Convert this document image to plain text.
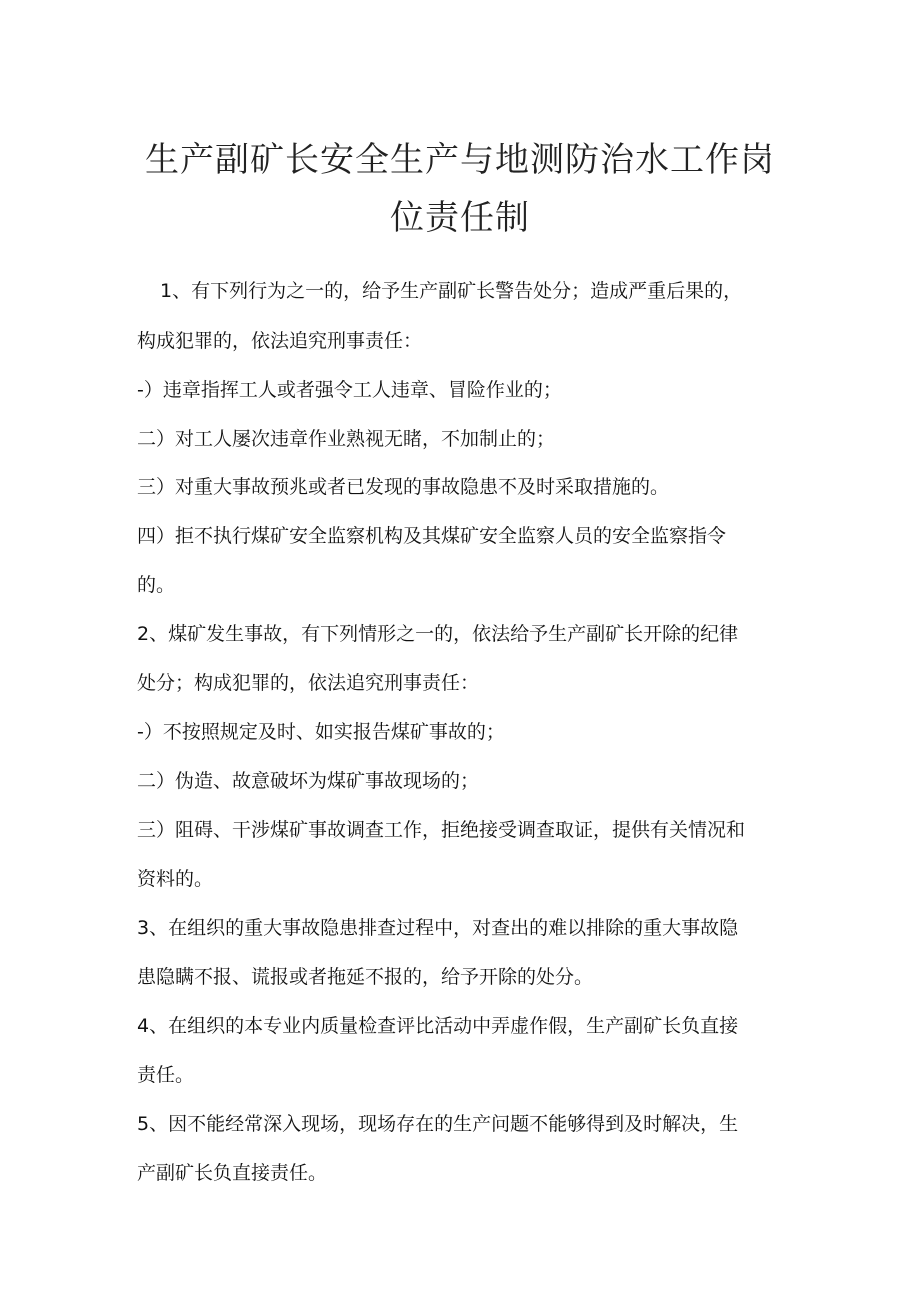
生产副矿长安全生产与地测防治水工作岗
位责任制

1、有下列行为之一的，给予生产副矿长警告处分；造成严重后果的，

构成犯罪的，依法追究刑事责任：

-）违章指挥工人或者强令工人违章、冒险作业的；

二）对工人屡次违章作业熟视无睹，不加制止的；

三）对重大事故预兆或者已发现的事故隐患不及时采取措施的。

四）拒不执行煤矿安全监察机构及其煤矿安全监察人员的安全监察指令

的。

2、煤矿发生事故，有下列情形之一的，依法给予生产副矿长开除的纪律

处分；构成犯罪的，依法追究刑事责任：

-）不按照规定及时、如实报告煤矿事故的；

二）伪造、故意破坏为煤矿事故现场的；

三）阻碍、干涉煤矿事故调查工作，拒绝接受调查取证，提供有关情况和

资料的。

3、在组织的重大事故隐患排查过程中，对查出的难以排除的重大事故隐

患隐瞒不报、谎报或者拖延不报的，给予开除的处分。

4、在组织的本专业内质量检查评比活动中弄虚作假，生产副矿长负直接

责任。

5、因不能经常深入现场，现场存在的生产问题不能够得到及时解决，生

产副矿长负直接责任。
